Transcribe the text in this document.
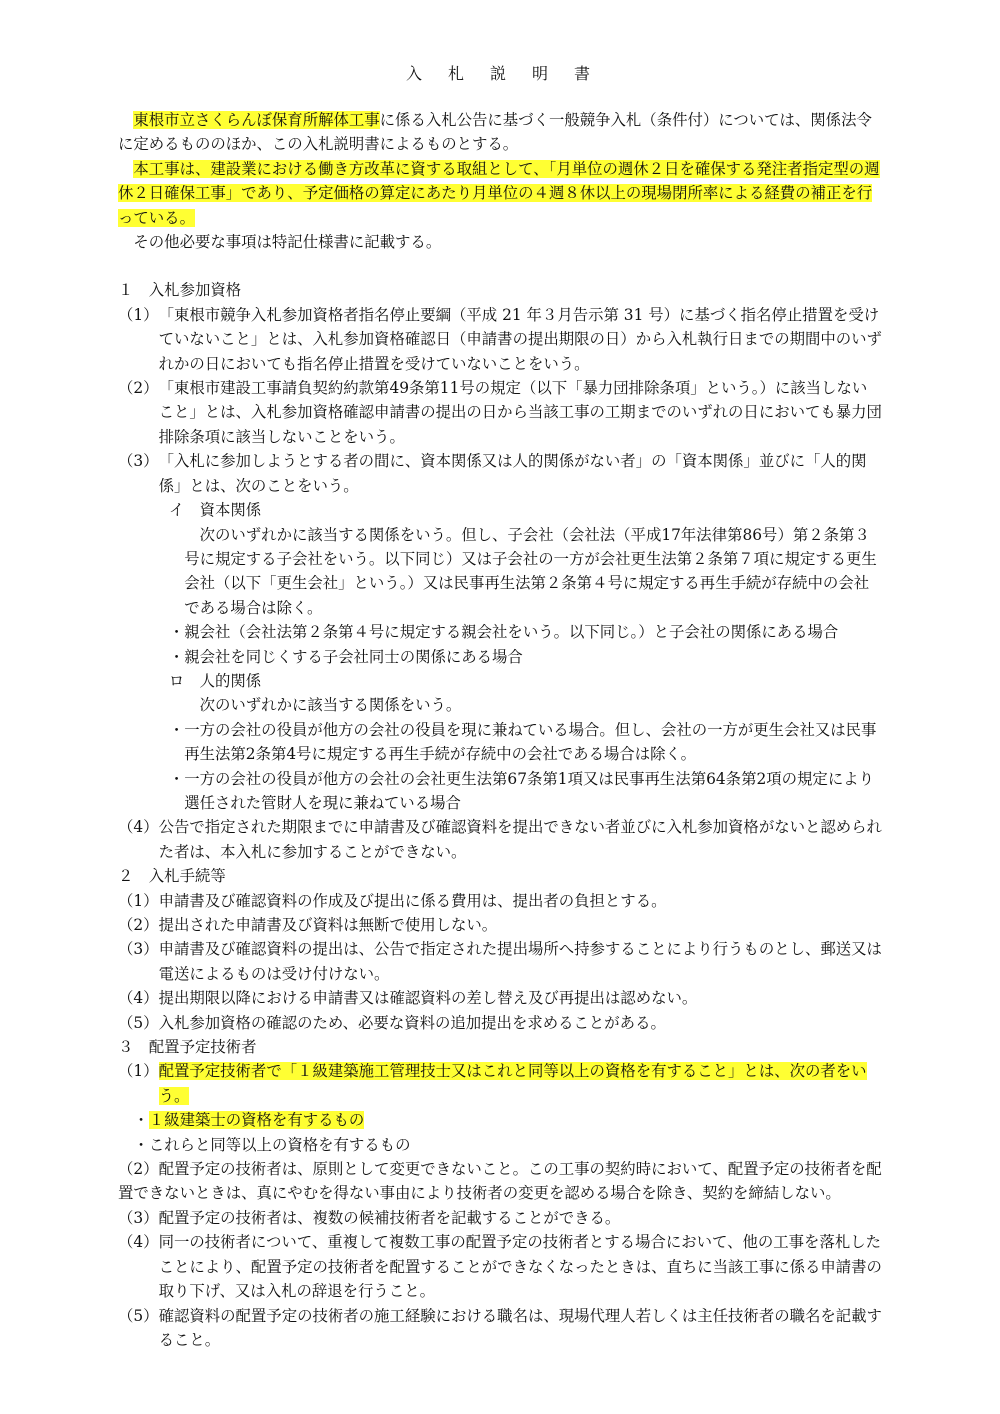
入札説明書

東根市立さくらんぼ保育所解体工事に係る入札公告に基づく一般競争入札（条件付）については、関係法令に定めるもののほか、この入札説明書によるものとする。

本工事は、建設業における働き方改革に資する取組として、「月単位の週休２日を確保する発注者指定型の週休２日確保工事」であり、予定価格の算定にあたり月単位の４週８休以上の現場閉所率による経費の補正を行っている。

その他必要な事項は特記仕様書に記載する。

１　入札参加資格

（1） 「東根市競争入札参加資格者指名停止要綱（平成 21 年３月告示第 31 号）に基づく指名停止措置を受けていないこと」とは、入札参加資格確認日（申請書の提出期限の日）から入札執行日までの期間中のいずれかの日においても指名停止措置を受けていないことをいう。
（2） 「東根市建設工事請負契約約款第49条第11号の規定（以下「暴力団排除条項」という。）に該当しないこと」とは、入札参加資格確認申請書の提出の日から当該工事の工期までのいずれの日においても暴力団排除条項に該当しないことをいう。
（3） 「入札に参加しようとする者の間に、資本関係又は人的関係がない者」の「資本関係」並びに「人的関係」とは、次のことをいう。

イ　資本関係

次のいずれかに該当する関係をいう。但し、子会社（会社法（平成17年法律第86号）第２条第３号に規定する子会社をいう。以下同じ）又は子会社の一方が会社更生法第２条第７項に規定する更生会社（以下「更生会社」という。）又は民事再生法第２条第４号に規定する再生手続が存続中の会社である場合は除く。

・親会社（会社法第２条第４号に規定する親会社をいう。以下同じ。）と子会社の関係にある場合

・親会社を同じくする子会社同士の関係にある場合

ロ　人的関係

次のいずれかに該当する関係をいう。

・一方の会社の役員が他方の会社の役員を現に兼ねている場合。但し、会社の一方が更生会社又は民事再生法第2条第4号に規定する再生手続が存続中の会社である場合は除く。

・一方の会社の役員が他方の会社の会社更生法第67条第1項又は民事再生法第64条第2項の規定により選任された管財人を現に兼ねている場合

（4） 公告で指定された期限までに申請書及び確認資料を提出できない者並びに入札参加資格がないと認められた者は、本入札に参加することができない。

２　入札手続等

（1） 申請書及び確認資料の作成及び提出に係る費用は、提出者の負担とする。
（2） 提出された申請書及び資料は無断で使用しない。
（3） 申請書及び確認資料の提出は、公告で指定された提出場所へ持参することにより行うものとし、郵送又は電送によるものは受け付けない。
（4） 提出期限以降における申請書又は確認資料の差し替え及び再提出は認めない。
（5） 入札参加資格の確認のため、必要な資料の追加提出を求めることがある。

３　配置予定技術者

（1） 配置予定技術者で「１級建築施工管理技士又はこれと同等以上の資格を有すること」とは、次の者をいう。

・１級建築士の資格を有するもの

・これらと同等以上の資格を有するもの

（2）配置予定の技術者は、原則として変更できないこと。この工事の契約時において、配置予定の技術者を配置できないときは、真にやむを得ない事由により技術者の変更を認める場合を除き、契約を締結しない。

（3） 配置予定の技術者は、複数の候補技術者を記載することができる。
（4） 同一の技術者について、重複して複数工事の配置予定の技術者とする場合において、他の工事を落札したことにより、配置予定の技術者を配置することができなくなったときは、直ちに当該工事に係る申請書の取り下げ、又は入札の辞退を行うこと。
（5） 確認資料の配置予定の技術者の施工経験における職名は、現場代理人若しくは主任技術者の職名を記載すること。
